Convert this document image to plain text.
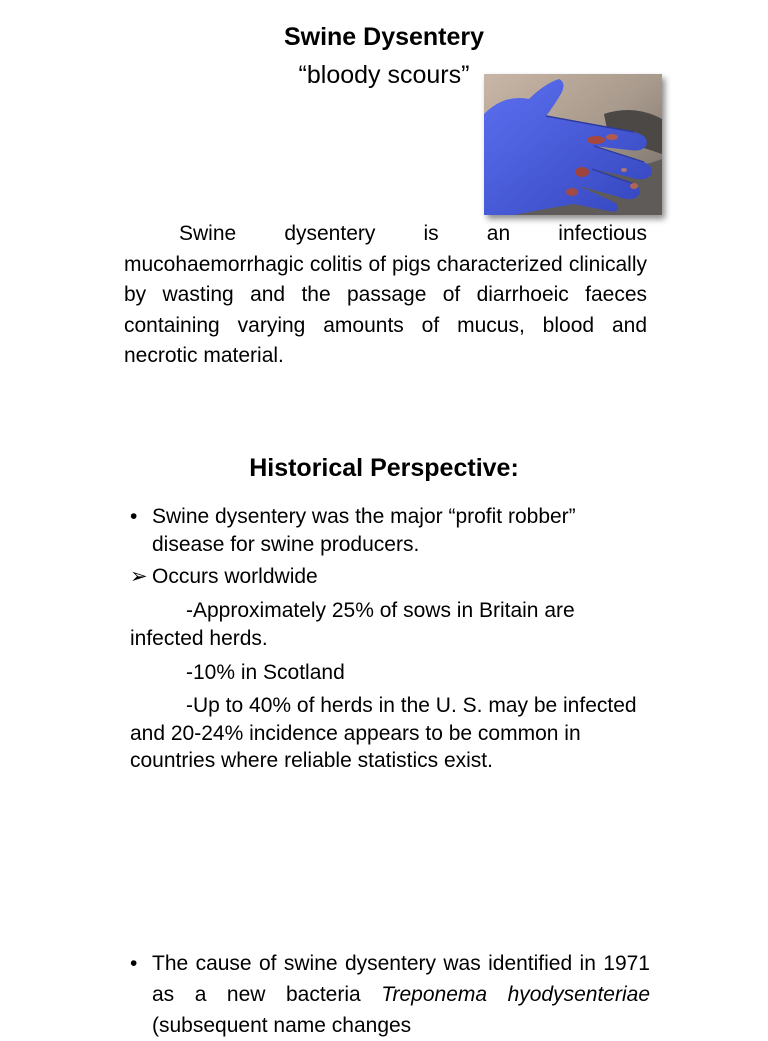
Swine Dysentery
“bloody scours”

Swine dysentery is an infectious mucohaemorrhagic colitis of pigs characterized clinically by wasting and the passage of diarrhoeic faeces containing varying amounts of mucus, blood and necrotic material.

Historical Perspective:
• Swine dysentery was the major “profit robber” disease for swine producers.
➢ Occurs worldwide

-Approximately 25% of sows in Britain are infected herds.

-10% in Scotland

-Up to 40% of herds in the U. S. may be infected and 20-24% incidence appears to be common in countries where reliable statistics exist.

• The cause of swine dysentery was identified in 1971 as a new bacteria Treponema hyodysenteriae (subsequent name changes
